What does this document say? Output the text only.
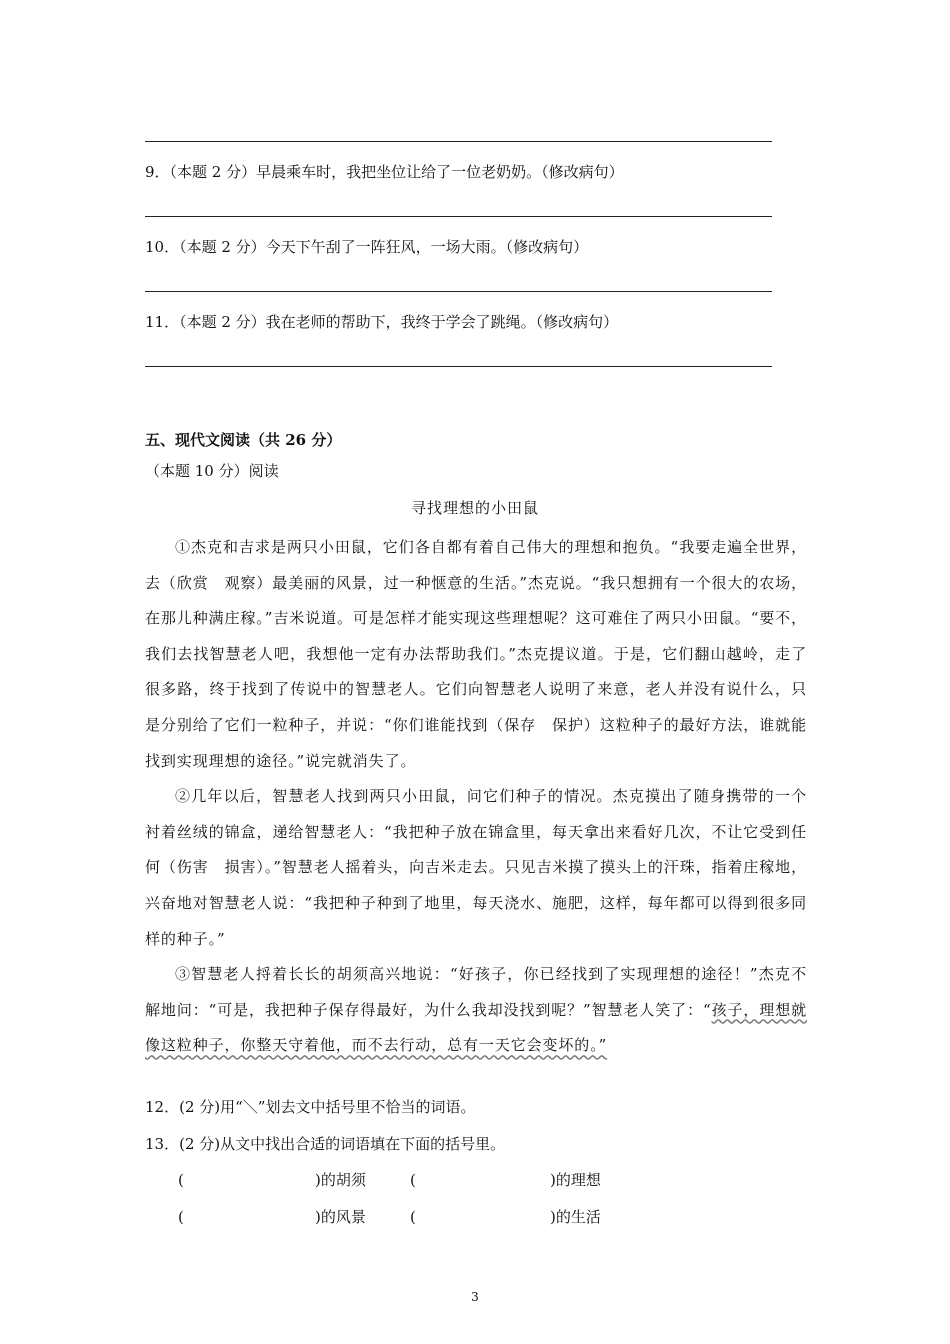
9．（本题 2 分）早晨乘车时，我把坐位让给了一位老奶奶。（修改病句）
10．（本题 2 分）今天下午刮了一阵狂风，一场大雨。（修改病句）
11．（本题 2 分）我在老师的帮助下，我终于学会了跳绳。（修改病句）
五、现代文阅读（共 26 分）
（本题 10 分）阅读
寻找理想的小田鼠

①杰克和吉求是两只小田鼠，它们各自都有着自己伟大的理想和抱负。“我要走遍全世界，去（欣赏　观察）最美丽的风景，过一种惬意的生活。”杰克说。“我只想拥有一个很大的农场，在那儿种满庄稼。”吉米说道。可是怎样才能实现这些理想呢？这可难住了两只小田鼠。“要不，我们去找智慧老人吧，我想他一定有办法帮助我们。”杰克提议道。于是，它们翻山越岭，走了很多路，终于找到了传说中的智慧老人。它们向智慧老人说明了来意，老人并没有说什么，只是分别给了它们一粒种子，并说：“你们谁能找到（保存　保护）这粒种子的最好方法，谁就能找到实现理想的途径。”说完就消失了。

②几年以后，智慧老人找到两只小田鼠，问它们种子的情况。杰克摸出了随身携带的一个衬着丝绒的锦盒，递给智慧老人：“我把种子放在锦盒里，每天拿出来看好几次，不让它受到任何（伤害　损害）。”智慧老人摇着头，向吉米走去。只见吉米摸了摸头上的汗珠，指着庄稼地，兴奋地对智慧老人说：“我把种子种到了地里，每天浇水、施肥，这样，每年都可以得到很多同样的种子。”

③智慧老人捋着长长的胡须高兴地说：“好孩子，你已经找到了实现理想的途径！”杰克不解地问：“可是，我把种子保存得最好，为什么我却没找到呢？”智慧老人笑了：“孩子，理想就像这粒种子，你整天守着他，而不去行动，总有一天它会变坏的。”

12．(2 分)用“＼”划去文中括号里不恰当的词语。
13．(2 分)从文中找出合适的词语填在下面的括号里。
(	)的胡须	(	)的理想
(	)的风景	(	)的生活
3
